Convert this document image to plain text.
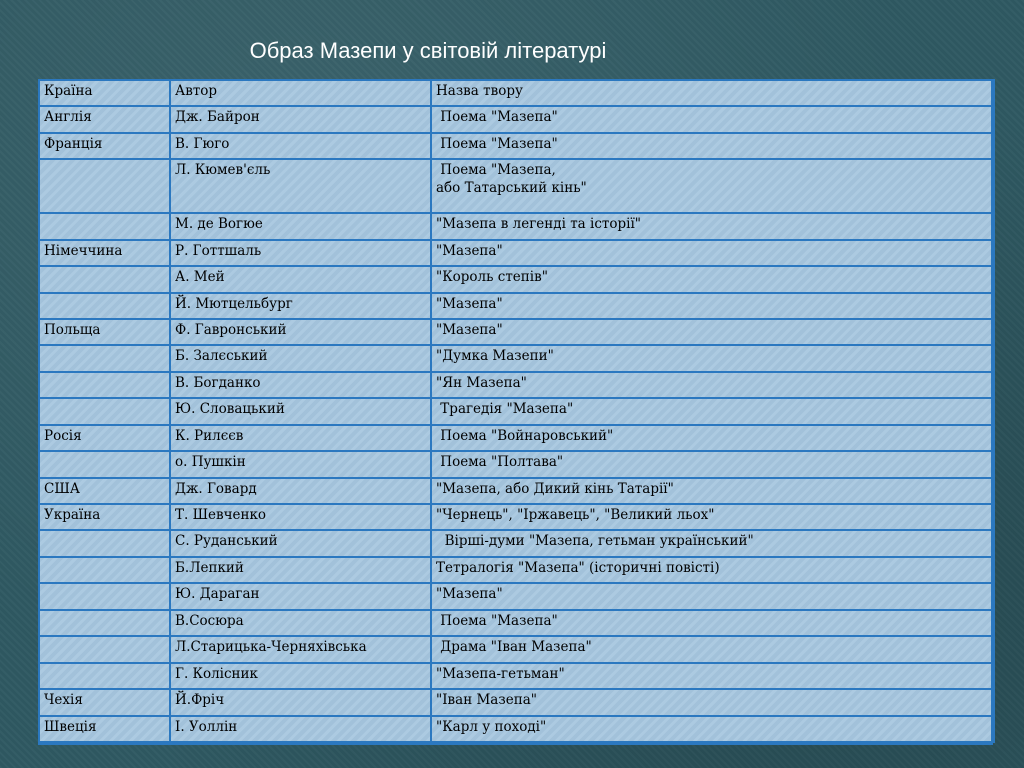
Образ Мазепи у світовій літературі
Країна	Автор	Назва твору
Англія	Дж. Байрон	Поема "Мазепа"
Франція	В. Гюго	Поема "Мазепа"
	Л. Кюмев'єль	Поема "Мазепа,
або Татарський кінь"
	М. де Вогюе	"Мазепа в легенді та історії"
Німеччина	Р. Готтшаль	"Мазепа"
	А. Мей	"Король степів"
	Й. Мютцельбург	"Мазепа"
Польща	Ф. Гавронський	"Мазепа"
	Б. Залєський	"Думка Мазепи"
	В. Богданко	"Ян Мазепа"
	Ю. Словацький	Трагедія "Мазепа"
Росія	К. Рилєєв	Поема "Войнаровський"
	о. Пушкін	Поема "Полтава"
США	Дж. Говард	"Мазепа, або Дикий кінь Татарії"
Україна	Т. Шевченко	"Чернець", "Іржавець", "Великий льох"
	С. Руданський	Вірші-думи "Мазепа, гетьман український"
	Б.Лепкий	Тетралогія "Мазепа" (історичні повісті)
	Ю. Дараган	"Мазепа"
	В.Сосюра	Поема "Мазепа"
	Л.Старицька-Черняхівська	Драма "Іван Мазепа"
	Г. Колісник	"Мазепа-гетьман"
Чехія	Й.Фріч	"Іван Мазепа"
Швеція	І. Уоллін	"Карл у поході"
